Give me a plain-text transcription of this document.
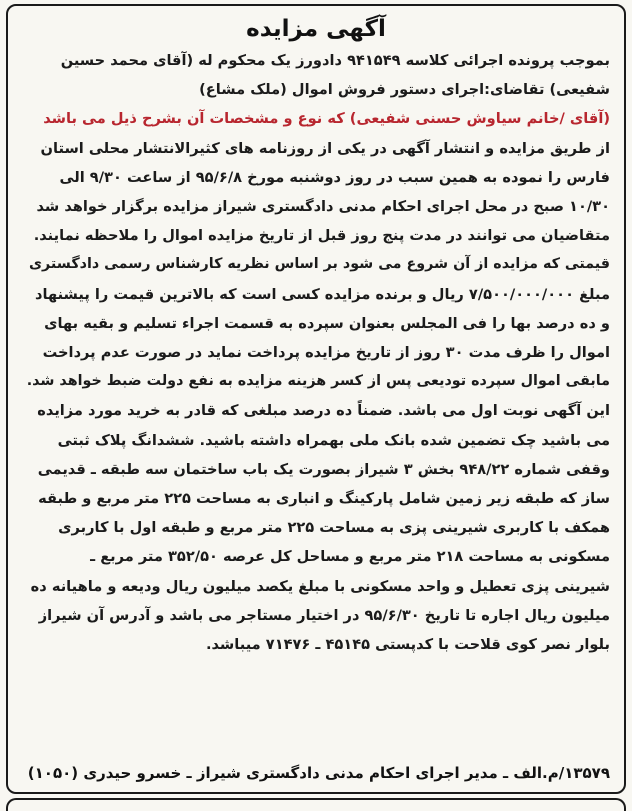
آگهی مزایده

بموجب پرونده اجرائی کلاسه ۹۴۱۵۴۹ دادورز یک محکوم له (آقای محمد حسین

شفیعی) تقاضای:اجرای دستور فروش اموال (ملک مشاع)

(آقای /خانم سیاوش حسنی شفیعی) که نوع و مشخصات آن بشرح ذیل می باشد

از طریق مزایده و انتشار آگهی در یکی از روزنامه های کثیرالانتشار محلی استان

فارس را نموده به همین سبب در روز دوشنبه مورخ ۹۵/۶/۸ از ساعت ۹/۳۰ الی

۱۰/۳۰ صبح در محل اجرای احکام مدنی دادگستری شیراز مزایده برگزار خواهد شد

متقاضیان می توانند در مدت پنج روز قبل از تاریخ مزایده اموال را ملاحظه نمایند.

قیمتی که مزایده از آن شروع می شود بر اساس نظریه کارشناس رسمی دادگستری

مبلغ ۷/۵۰۰/۰۰۰/۰۰۰ ریال و برنده مزایده کسی است که بالاترین قیمت را پیشنهاد

و ده درصد بها را فی المجلس بعنوان سپرده به قسمت اجراء تسلیم و بقیه بهای

اموال را ظرف مدت ۳۰ روز از تاریخ مزایده پرداخت نماید در صورت عدم پرداخت

مابقی اموال سپرده تودیعی پس از کسر هزینه مزایده به نفع دولت ضبط خواهد شد.

این آگهی نوبت اول می باشد. ضمناً ده درصد مبلغی که قادر به خرید مورد مزایده

می باشید چک تضمین شده بانک ملی بهمراه داشته باشید. ششدانگ پلاک ثبتی

وقفی شماره ۹۴۸/۲۲ بخش ۳ شیراز بصورت یک باب ساختمان سه طبقه ـ قدیمی

ساز که طبقه زیر زمین شامل پارکینگ و انباری به مساحت ۲۲۵ متر مربع و طبقه

همکف با کاربری شیرینی پزی به مساحت ۲۲۵ متر مربع و طبقه اول با کاربری

مسکونی به مساحت ۲۱۸ متر مربع و مساحل کل عرصه ۳۵۲/۵۰ متر مربع ـ

شیرینی پزی تعطیل و واحد مسکونی با مبلغ یکصد میلیون ریال ودیعه و ماهیانه ده

میلیون ریال اجاره تا تاریخ ۹۵/۶/۳۰ در اختیار مستاجر می باشد و آدرس آن شیراز

بلوار نصر کوی قلاحت با کدپستی ۴۵۱۴۵ ـ ۷۱۴۷۶ میباشد.

۱۳۵۷۹/م.الف ـ مدیر اجرای احکام مدنی دادگستری شیراز ـ خسرو حیدری (۱۰۵۰)
